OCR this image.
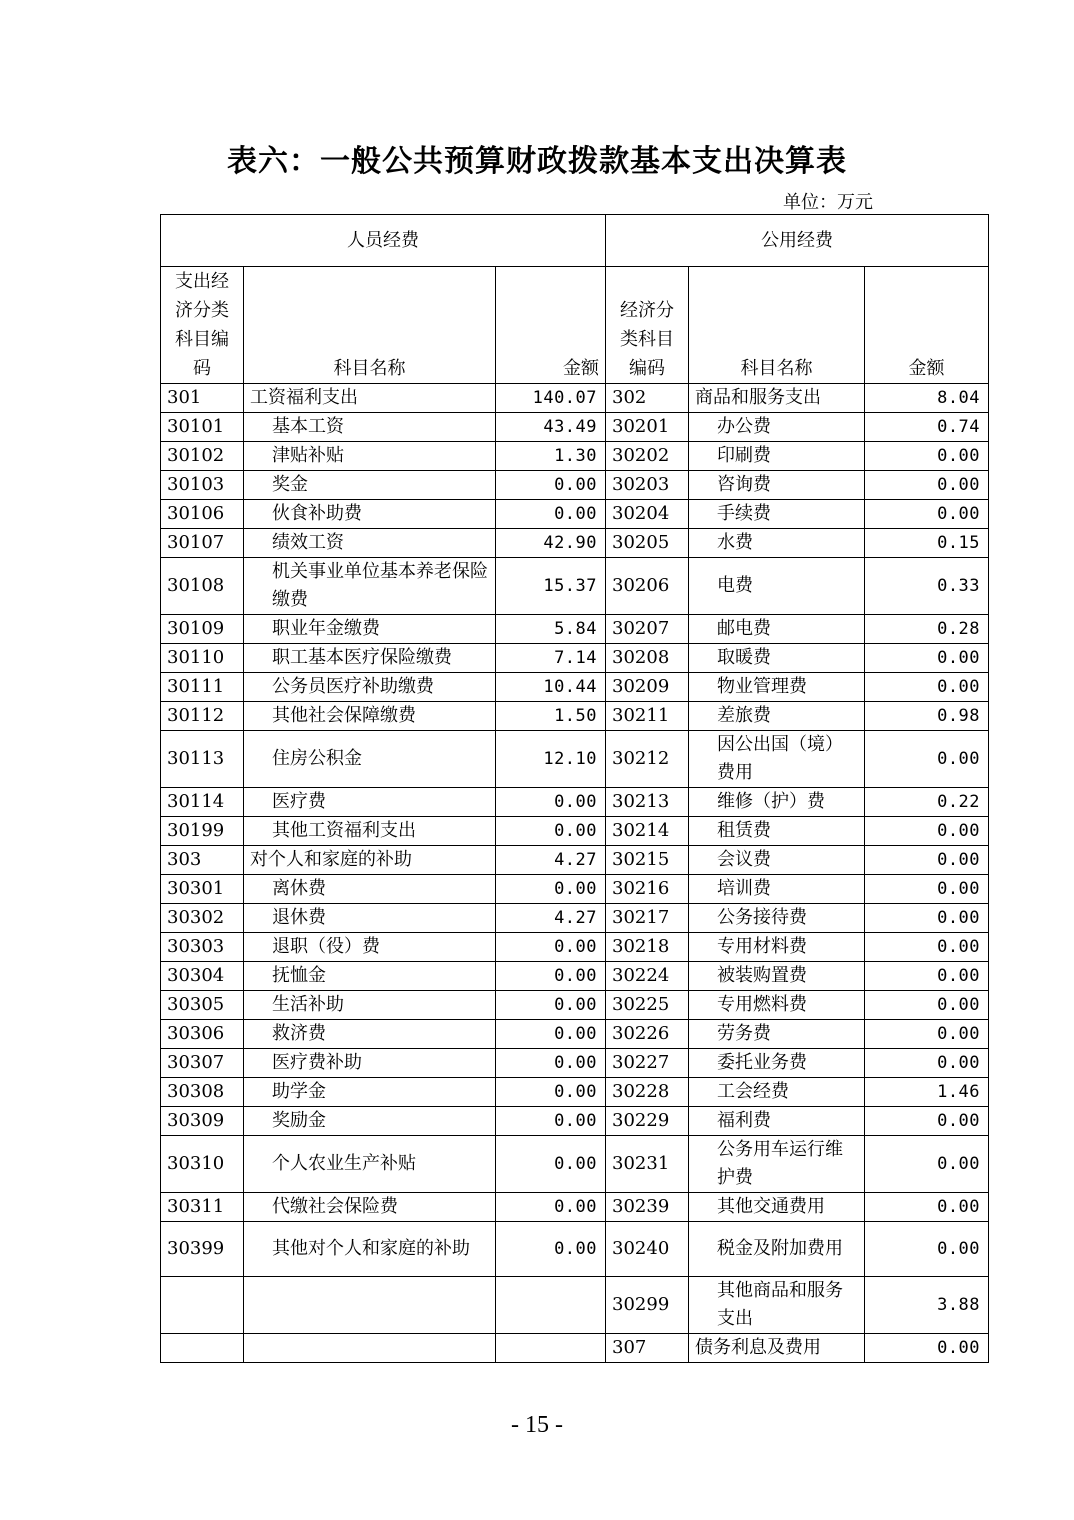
表六：一般公共预算财政拨款基本支出决算表
单位：万元
人员经费			公用经费		
支出经济分类科目编码	科目名称	金额	经济分类科目编码	科目名称	金额
301	工资福利支出	140.07	302	商品和服务支出	8.04
30101	基本工资	43.49	30201	办公费	0.74
30102	津贴补贴	1.30	30202	印刷费	0.00
30103	奖金	0.00	30203	咨询费	0.00
30106	伙食补助费	0.00	30204	手续费	0.00
30107	绩效工资	42.90	30205	水费	0.15
30108	机关事业单位基本养老保险缴费	15.37	30206	电费	0.33
30109	职业年金缴费	5.84	30207	邮电费	0.28
30110	职工基本医疗保险缴费	7.14	30208	取暖费	0.00
30111	公务员医疗补助缴费	10.44	30209	物业管理费	0.00
30112	其他社会保障缴费	1.50	30211	差旅费	0.98
30113	住房公积金	12.10	30212	因公出国（境）费用	0.00
30114	医疗费	0.00	30213	维修（护）费	0.22
30199	其他工资福利支出	0.00	30214	租赁费	0.00
303	对个人和家庭的补助	4.27	30215	会议费	0.00
30301	离休费	0.00	30216	培训费	0.00
30302	退休费	4.27	30217	公务接待费	0.00
30303	退职（役）费	0.00	30218	专用材料费	0.00
30304	抚恤金	0.00	30224	被装购置费	0.00
30305	生活补助	0.00	30225	专用燃料费	0.00
30306	救济费	0.00	30226	劳务费	0.00
30307	医疗费补助	0.00	30227	委托业务费	0.00
30308	助学金	0.00	30228	工会经费	1.46
30309	奖励金	0.00	30229	福利费	0.00
30310	个人农业生产补贴	0.00	30231	公务用车运行维护费	0.00
30311	代缴社会保险费	0.00	30239	其他交通费用	0.00
30399	其他对个人和家庭的补助	0.00	30240	税金及附加费用	0.00
			30299	其他商品和服务支出	3.88
			307	债务利息及费用	0.00
- 15 -
